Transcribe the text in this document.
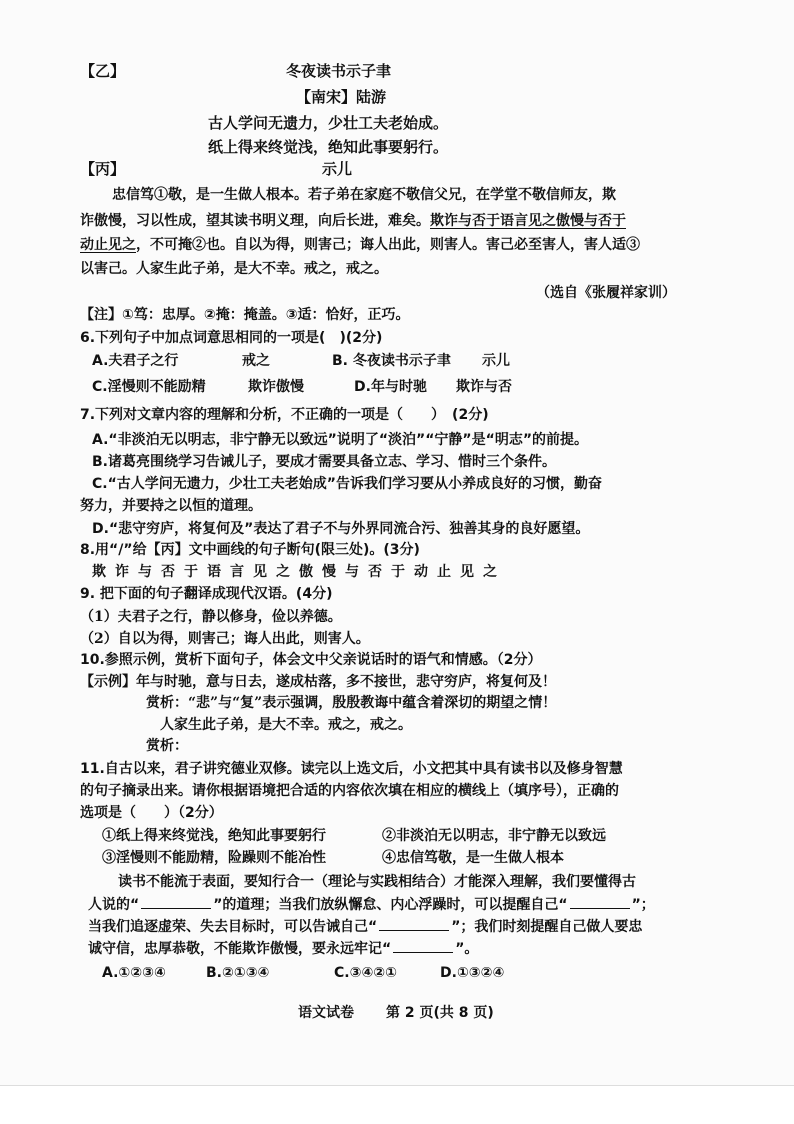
【乙】	冬夜读书示子聿
【南宋】陆游
古人学问无遗力，少壮工夫老始成。
纸上得来终觉浅，绝知此事要躬行。
【丙】	示儿
忠信笃①敬，是一生做人根本。若子弟在家庭不敬信父兄，在学堂不敬信师友，欺
诈傲慢，习以性成，望其读书明义理，向后长进，难矣。欺诈与否于语言见之傲慢与否于
动止见之，不可掩②也。自以为得，则害己；诲人出此，则害人。害己必至害人，害人适③
以害己。人家生此子弟，是大不幸。戒之，戒之。
（选自《张履祥家训）
【注】①笃：忠厚。②掩：掩盖。③适：恰好，正巧。
6.下列句子中加点词意思相同的一项是(　)(2分)
A.夫君子之行	戒之	B. 冬夜读书示子聿 示儿
C.淫慢则不能励精	欺诈傲慢	D.年与时驰 欺诈与否
7.下列对文章内容的理解和分析，不正确的一项是（　　）　(2分)
A.“非淡泊无以明志，非宁静无以致远”说明了“淡泊”“宁静”是“明志”的前提。
B.诸葛亮围绕学习告诫儿子，要成才需要具备立志、学习、惜时三个条件。
C.“古人学问无遗力，少壮工夫老始成”告诉我们学习要从小养成良好的习惯，勤奋
努力，并要持之以恒的道理。
D.“悲守穷庐，将复何及”表达了君子不与外界同流合污、独善其身的良好愿望。
8.用“/”给【丙】文中画线的句子断句(限三处)。(3分)
欺诈与否于语言见之傲慢与否于动止见之
9. 把下面的句子翻译成现代汉语。(4分)
（1）夫君子之行，静以修身，俭以养德。
（2）自以为得，则害己；诲人出此，则害人。
10.参照示例，赏析下面句子，体会文中父亲说话时的语气和情感。（2分）
【示例】年与时驰，意与日去，遂成枯落，多不接世，悲守穷庐，将复何及！
赏析：“悲”与“复”表示强调，殷殷教诲中蕴含着深切的期望之情！
人家生此子弟，是大不幸。戒之，戒之。
赏析：
11.自古以来，君子讲究德业双修。读完以上选文后，小文把其中具有读书以及修身智慧
的句子摘录出来。请你根据语境把合适的内容依次填在相应的横线上（填序号），正确的
选项是（　　）（2分）
①纸上得来终觉浅，绝知此事要躬行	②非淡泊无以明志，非宁静无以致远
③淫慢则不能励精，险躁则不能冶性	④忠信笃敬，是一生做人根本
读书不能流于表面，要知行合一（理论与实践相结合）才能深入理解，我们要懂得古
人说的“	”的道理；当我们放纵懈怠、内心浮躁时，可以提醒自己“	”；
当我们追逐虚荣、失去目标时，可以告诫自己“	”；我们时刻提醒自己做人要忠
诚守信，忠厚恭敬，不能欺诈傲慢，要永远牢记“	”。
A.①②③④	B.②①③④	C.③④②①	D.①③②④
语文试卷 第 2 页(共 8 页)
